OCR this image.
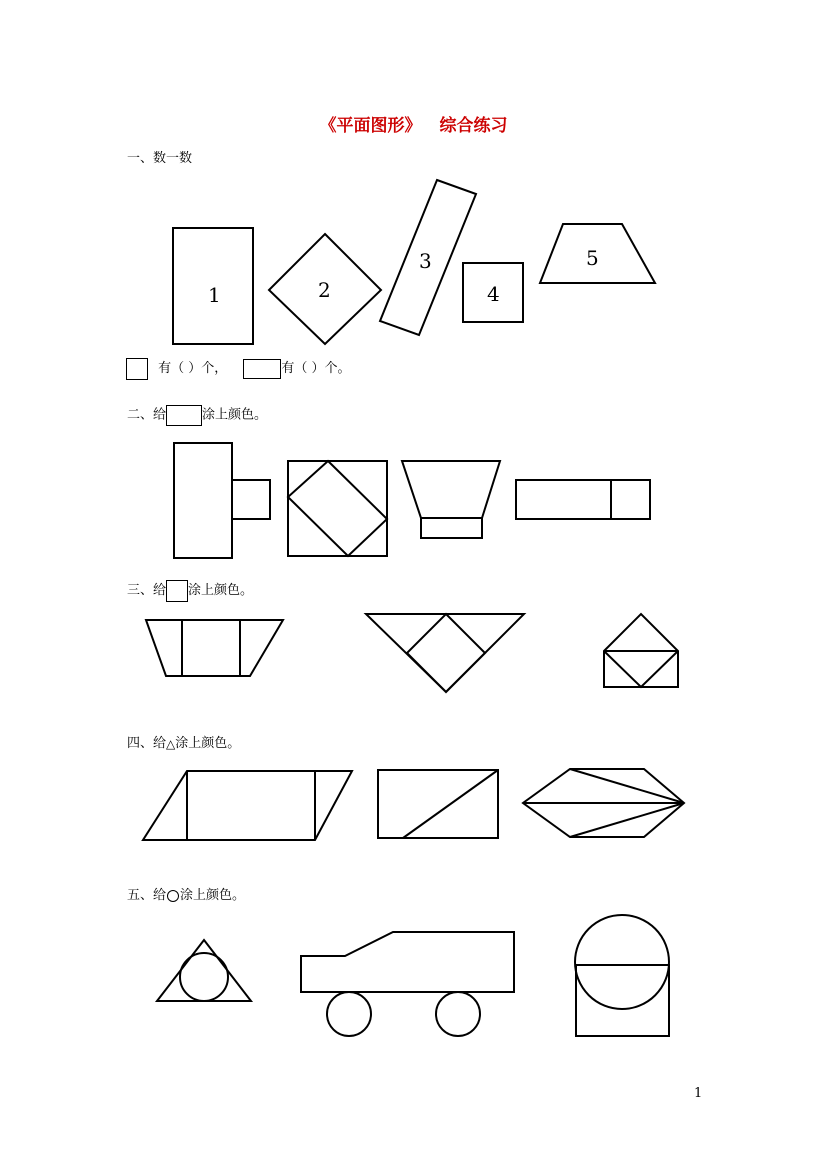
《平面图形》 综合练习
一、数一数
有（ ）个，	有（ ）个。
二、给	涂上颜色。
三、给 涂上颜色。
四、给△涂上颜色。
五、给 涂上颜色。
1	2
3
4
5
1
